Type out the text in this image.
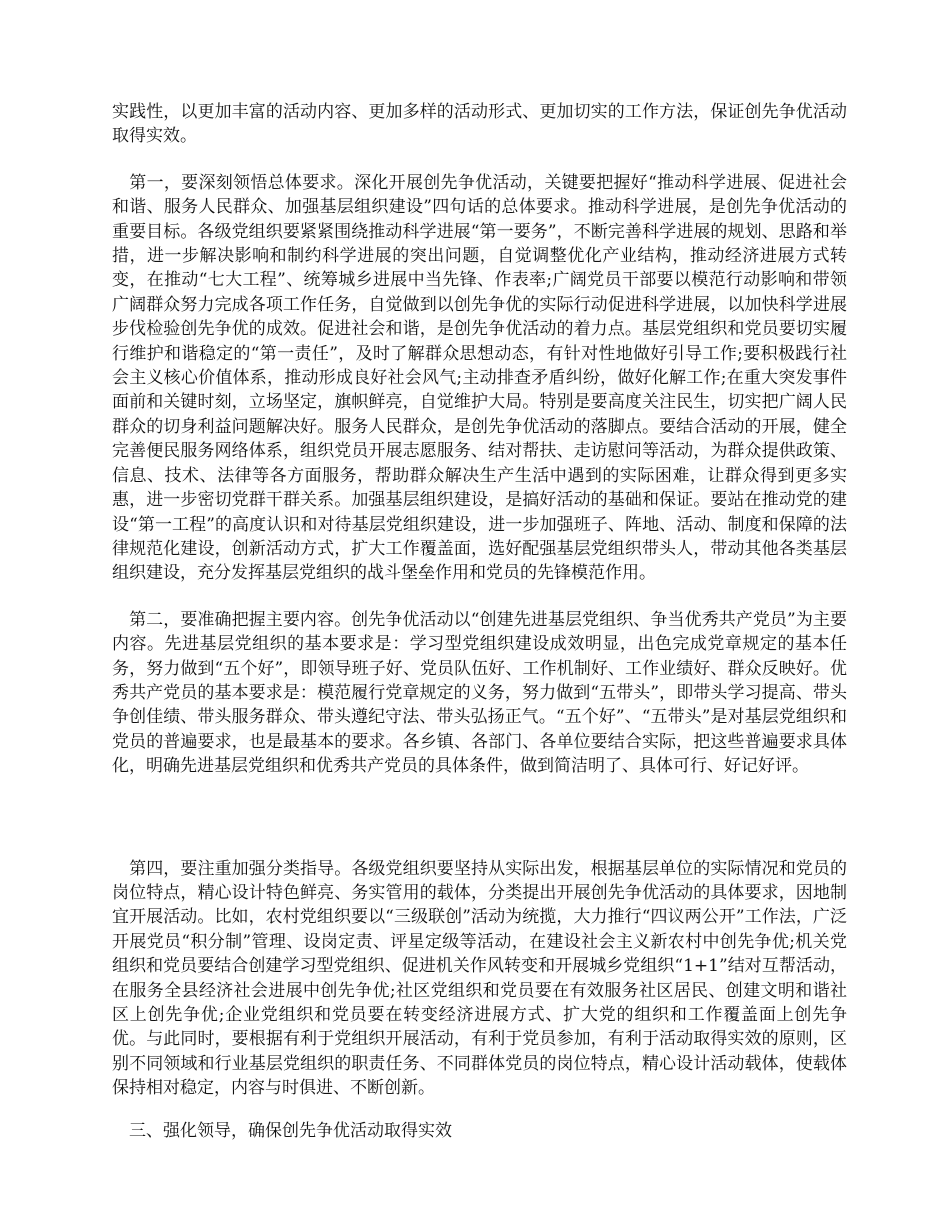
实践性，以更加丰富的活动内容、更加多样的活动形式、更加切实的工作方法，保证创先争优活动取得实效。

　第一，要深刻领悟总体要求。深化开展创先争优活动，关键要把握好“推动科学进展、促进社会和谐、服务人民群众、加强基层组织建设”四句话的总体要求。推动科学进展，是创先争优活动的重要目标。各级党组织要紧紧围绕推动科学进展“第一要务”，不断完善科学进展的规划、思路和举措，进一步解决影响和制约科学进展的突出问题，自觉调整优化产业结构，推动经济进展方式转变，在推动“七大工程”、统筹城乡进展中当先锋、作表率;广阔党员干部要以模范行动影响和带领广阔群众努力完成各项工作任务，自觉做到以创先争优的实际行动促进科学进展，以加快科学进展步伐检验创先争优的成效。促进社会和谐，是创先争优活动的着力点。基层党组织和党员要切实履行维护和谐稳定的“第一责任”，及时了解群众思想动态，有针对性地做好引导工作;要积极践行社会主义核心价值体系，推动形成良好社会风气;主动排查矛盾纠纷，做好化解工作;在重大突发事件面前和关键时刻，立场坚定，旗帜鲜亮，自觉维护大局。特别是要高度关注民生，切实把广阔人民群众的切身利益问题解决好。服务人民群众，是创先争优活动的落脚点。要结合活动的开展，健全完善便民服务网络体系，组织党员开展志愿服务、结对帮扶、走访慰问等活动，为群众提供政策、信息、技术、法律等各方面服务，帮助群众解决生产生活中遇到的实际困难，让群众得到更多实惠，进一步密切党群干群关系。加强基层组织建设，是搞好活动的基础和保证。要站在推动党的建设“第一工程”的高度认识和对待基层党组织建设，进一步加强班子、阵地、活动、制度和保障的法律规范化建设，创新活动方式，扩大工作覆盖面，选好配强基层党组织带头人，带动其他各类基层组织建设，充分发挥基层党组织的战斗堡垒作用和党员的先锋模范作用。

　第二，要准确把握主要内容。创先争优活动以“创建先进基层党组织、争当优秀共产党员”为主要内容。先进基层党组织的基本要求是：学习型党组织建设成效明显，出色完成党章规定的基本任务，努力做到“五个好”，即领导班子好、党员队伍好、工作机制好、工作业绩好、群众反映好。优秀共产党员的基本要求是：模范履行党章规定的义务，努力做到“五带头”，即带头学习提高、带头争创佳绩、带头服务群众、带头遵纪守法、带头弘扬正气。“五个好”、“五带头”是对基层党组织和党员的普遍要求，也是最基本的要求。各乡镇、各部门、各单位要结合实际，把这些普遍要求具体化，明确先进基层党组织和优秀共产党员的具体条件，做到简洁明了、具体可行、好记好评。

　第四，要注重加强分类指导。各级党组织要坚持从实际出发，根据基层单位的实际情况和党员的岗位特点，精心设计特色鲜亮、务实管用的载体，分类提出开展创先争优活动的具体要求，因地制宜开展活动。比如，农村党组织要以“三级联创”活动为统揽，大力推行“四议两公开”工作法，广泛开展党员“积分制”管理、设岗定责、评星定级等活动，在建设社会主义新农村中创先争优;机关党组织和党员要结合创建学习型党组织、促进机关作风转变和开展城乡党组织“1+1”结对互帮活动，在服务全县经济社会进展中创先争优;社区党组织和党员要在有效服务社区居民、创建文明和谐社区上创先争优;企业党组织和党员要在转变经济进展方式、扩大党的组织和工作覆盖面上创先争优。与此同时，要根据有利于党组织开展活动，有利于党员参加，有利于活动取得实效的原则，区别不同领域和行业基层党组织的职责任务、不同群体党员的岗位特点，精心设计活动载体，使载体保持相对稳定，内容与时俱进、不断创新。

　三、强化领导，确保创先争优活动取得实效
